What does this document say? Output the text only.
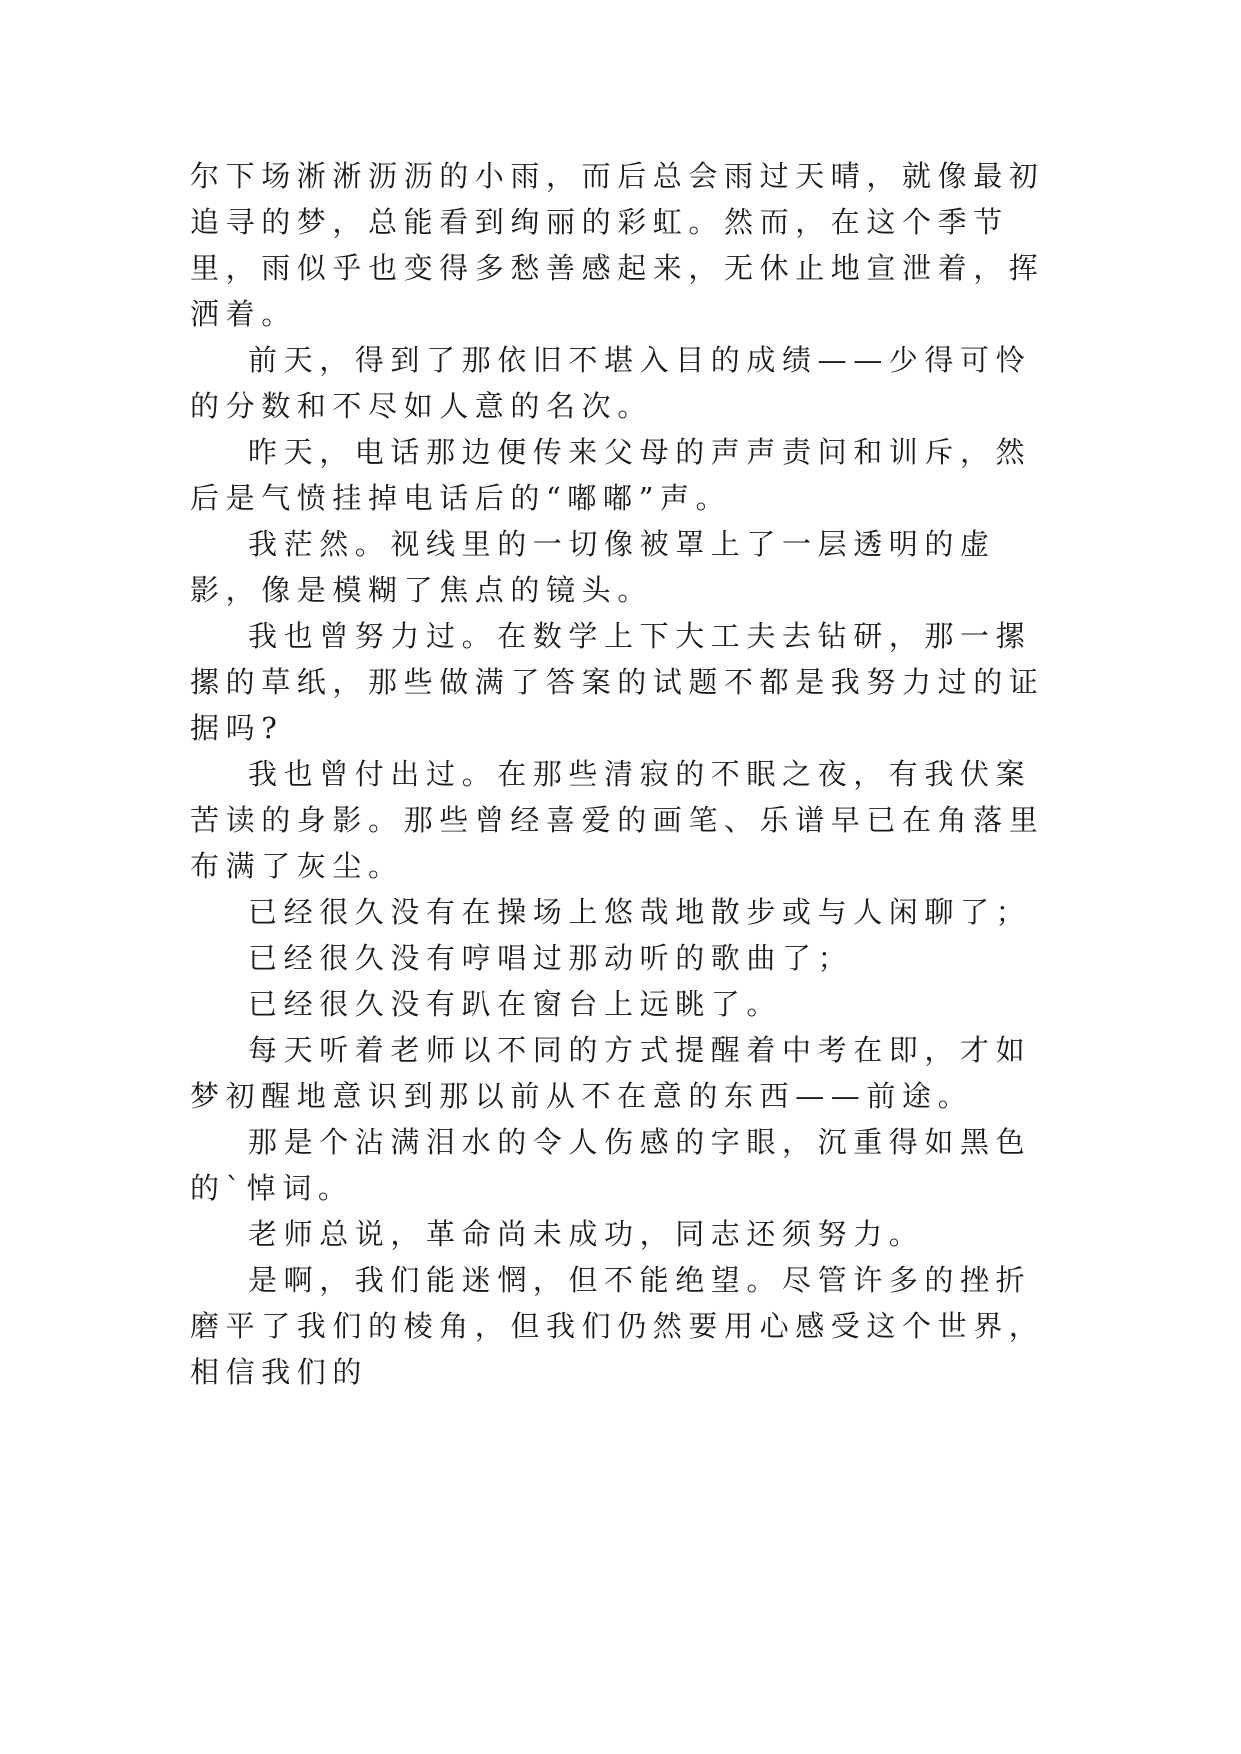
尔下场淅淅沥沥的小雨，而后总会雨过天晴，就像最初追寻的梦，总能看到绚丽的彩虹。然而，在这个季节里，雨似乎也变得多愁善感起来，无休止地宣泄着，挥洒着。

前天，得到了那依旧不堪入目的成绩——少得可怜的分数和不尽如人意的名次。

昨天，电话那边便传来父母的声声责问和训斥，然后是气愤挂掉电话后的“嘟嘟”声。

我茫然。视线里的一切像被罩上了一层透明的虚影，像是模糊了焦点的镜头。

我也曾努力过。在数学上下大工夫去钻研，那一摞摞的草纸，那些做满了答案的试题不都是我努力过的证据吗?

我也曾付出过。在那些清寂的不眠之夜，有我伏案苦读的身影。那些曾经喜爱的画笔、乐谱早已在角落里布满了灰尘。

已经很久没有在操场上悠哉地散步或与人闲聊了；

已经很久没有哼唱过那动听的歌曲了；

已经很久没有趴在窗台上远眺了。

每天听着老师以不同的方式提醒着中考在即，才如梦初醒地意识到那以前从不在意的东西——前途。

那是个沾满泪水的令人伤感的字眼，沉重得如黑色的`悼词。

老师总说，革命尚未成功，同志还须努力。

是啊，我们能迷惘，但不能绝望。尽管许多的挫折磨平了我们的棱角，但我们仍然要用心感受这个世界，相信我们的
